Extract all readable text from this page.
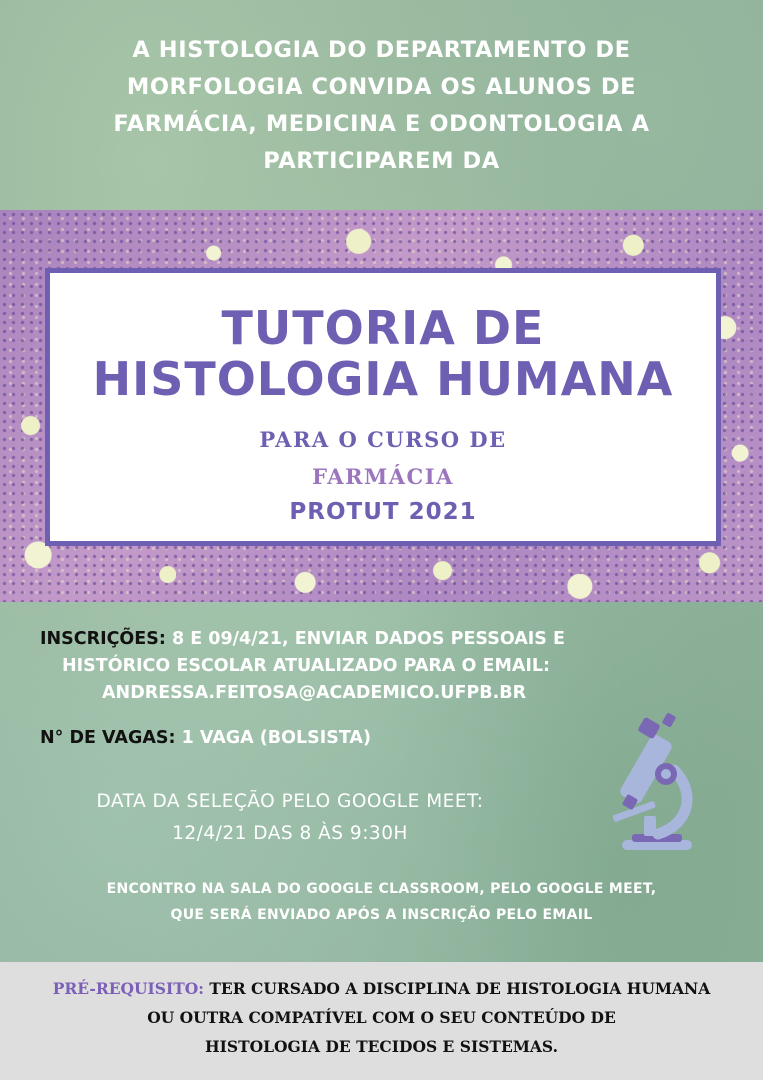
A HISTOLOGIA DO DEPARTAMENTO DE
MORFOLOGIA CONVIDA OS ALUNOS DE
FARMÁCIA, MEDICINA E ODONTOLOGIA A
PARTICIPAREM DA
TUTORIA DE
HISTOLOGIA HUMANA
PARA O CURSO DE
FARMÁCIA
PROTUT 2021
INSCRIÇÕES: 8 E 09/4/21, ENVIAR DADOS PESSOAIS E
HISTÓRICO ESCOLAR ATUALIZADO PARA O EMAIL:
ANDRESSA.FEITOSA@ACADEMICO.UFPB.BR
N° DE VAGAS: 1 VAGA (BOLSISTA)
DATA DA SELEÇÃO PELO GOOGLE MEET:
12/4/21 DAS 8 ÀS 9:30H
ENCONTRO NA SALA DO GOOGLE CLASSROOM, PELO GOOGLE MEET,
QUE SERÁ ENVIADO APÓS A INSCRIÇÃO PELO EMAIL
PRÉ-REQUISITO: TER CURSADO A DISCIPLINA DE HISTOLOGIA HUMANA
OU OUTRA COMPATÍVEL COM O SEU CONTEÚDO DE
HISTOLOGIA DE TECIDOS E SISTEMAS.
